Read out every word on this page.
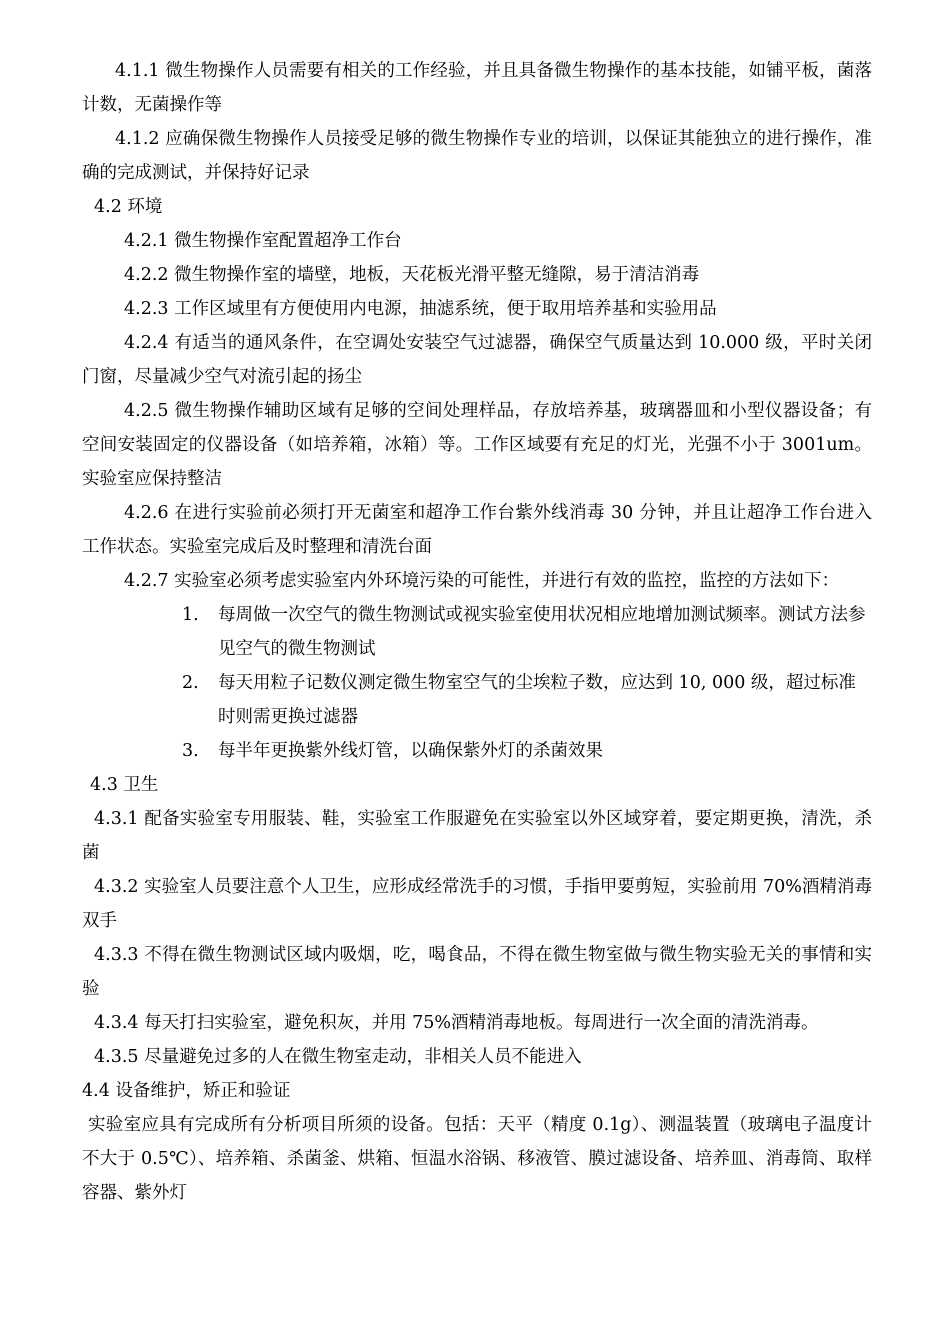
4.1.1 微生物操作人员需要有相关的工作经验，并且具备微生物操作的基本技能，如铺平板，菌落计数，无菌操作等

4.1.2 应确保微生物操作人员接受足够的微生物操作专业的培训，以保证其能独立的进行操作，准确的完成测试，并保持好记录

4.2 环境

4.2.1 微生物操作室配置超净工作台

4.2.2 微生物操作室的墙壁，地板，天花板光滑平整无缝隙，易于清洁消毒

4.2.3 工作区域里有方便使用内电源，抽滤系统，便于取用培养基和实验用品

4.2.4 有适当的通风条件，在空调处安装空气过滤器，确保空气质量达到 10.000 级，平时关闭门窗，尽量减少空气对流引起的扬尘

4.2.5 微生物操作辅助区域有足够的空间处理样品，存放培养基，玻璃器皿和小型仪器设备；有空间安装固定的仪器设备（如培养箱，冰箱）等。工作区域要有充足的灯光，光强不小于 3001um。实验室应保持整洁

4.2.6 在进行实验前必须打开无菌室和超净工作台紫外线消毒 30 分钟，并且让超净工作台进入工作状态。实验室完成后及时整理和清洗台面

4.2.7 实验室必须考虑实验室内外环境污染的可能性，并进行有效的监控，监控的方法如下：

1. 每周做一次空气的微生物测试或视实验室使用状况相应地增加测试频率。测试方法参见空气的微生物测试
2. 每天用粒子记数仪测定微生物室空气的尘埃粒子数，应达到 10, 000 级，超过标准时则需更换过滤器
3. 每半年更换紫外线灯管，以确保紫外灯的杀菌效果
4.3 卫生

4.3.1 配备实验室专用服装、鞋，实验室工作服避免在实验室以外区域穿着，要定期更换，清洗，杀菌

4.3.2 实验室人员要注意个人卫生，应形成经常洗手的习惯，手指甲要剪短，实验前用 70%酒精消毒双手

4.3.3 不得在微生物测试区域内吸烟，吃，喝食品，不得在微生物室做与微生物实验无关的事情和实验

4.3.4 每天打扫实验室，避免积灰，并用 75%酒精消毒地板。每周进行一次全面的清洗消毒。

4.3.5 尽量避免过多的人在微生物室走动，非相关人员不能进入

4.4 设备维护，矫正和验证

实验室应具有完成所有分析项目所须的设备。包括：天平（精度 0.1g）、测温装置（玻璃电子温度计不大于 0.5℃）、培养箱、杀菌釜、烘箱、恒温水浴锅、移液管、膜过滤设备、培养皿、消毒筒、取样容器、紫外灯
